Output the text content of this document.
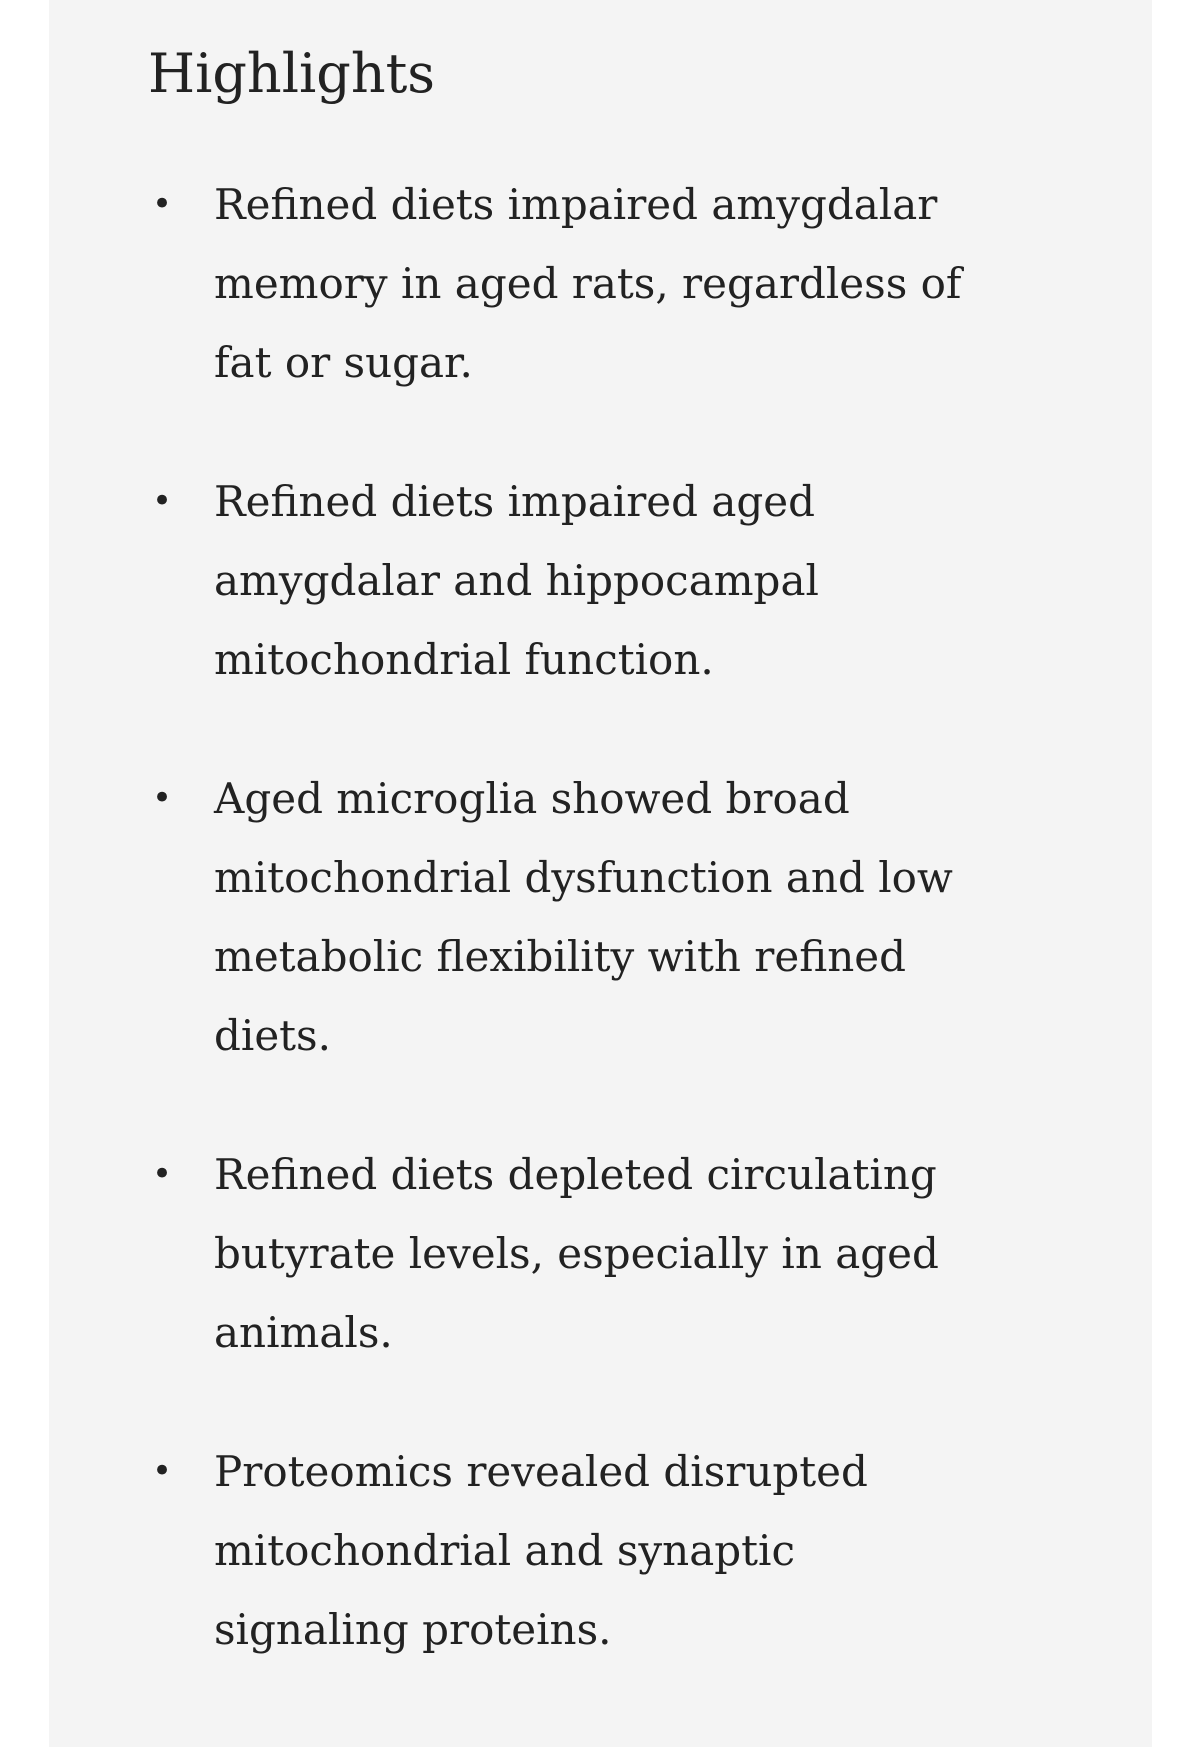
Highlights
• Refined diets impaired amygdalar memory in aged rats, regardless of fat or sugar.
• Refined diets impaired aged amygdalar and hippocampal mitochondrial function.
• Aged microglia showed broad mitochondrial dysfunction and low metabolic flexibility with refined diets.
• Refined diets depleted circulating butyrate levels, especially in aged animals.
• Proteomics revealed disrupted mitochondrial and synaptic signaling proteins.
